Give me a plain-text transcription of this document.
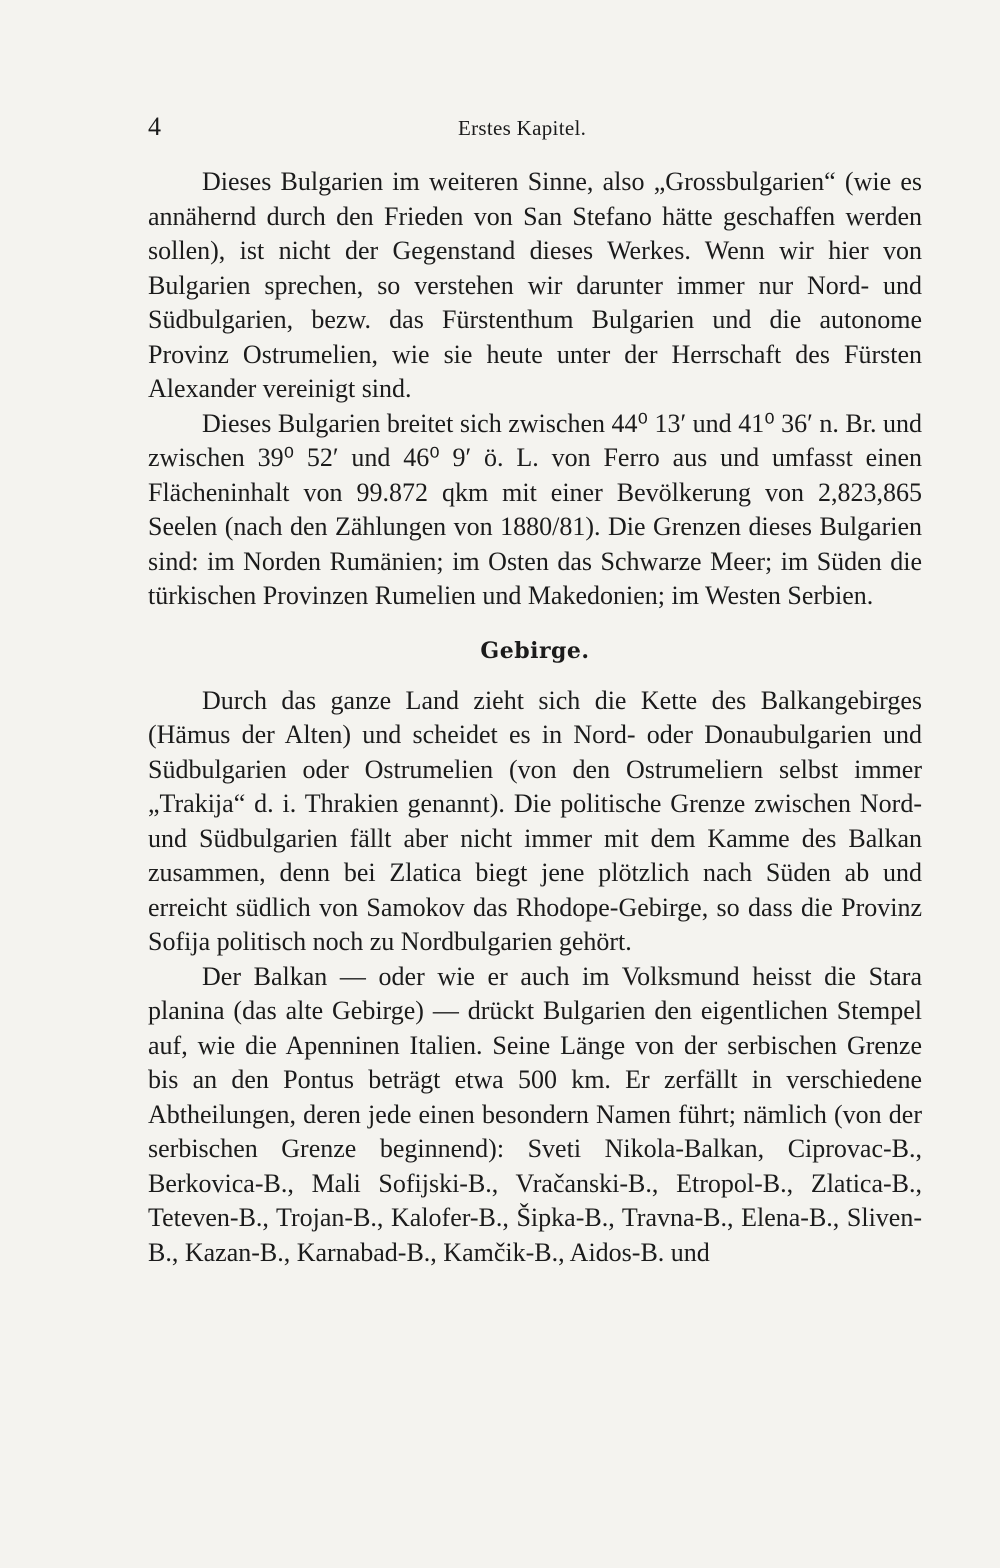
4	Erstes Kapitel.

Dieses Bulgarien im weiteren Sinne, also „Grossbulgarien“ (wie es annähernd durch den Frieden von San Stefano hätte geschaffen werden sollen), ist nicht der Gegenstand dieses Werkes. Wenn wir hier von Bulgarien sprechen, so verstehen wir darunter immer nur Nord- und Südbulgarien, bezw. das Fürstenthum Bulgarien und die autonome Provinz Ostrumelien, wie sie heute unter der Herrschaft des Fürsten Alexander vereinigt sind.

Dieses Bulgarien breitet sich zwischen 44⁰ 13′ und 41⁰ 36′ n. Br. und zwischen 39⁰ 52′ und 46⁰ 9′ ö. L. von Ferro aus und umfasst einen Flächeninhalt von 99.872 qkm mit einer Bevölkerung von 2,823,865 Seelen (nach den Zählungen von 1880/81). Die Grenzen dieses Bulgarien sind: im Norden Rumänien; im Osten das Schwarze Meer; im Süden die türkischen Provinzen Rumelien und Makedonien; im Westen Serbien.

Gebirge.

Durch das ganze Land zieht sich die Kette des Balkangebirges (Hämus der Alten) und scheidet es in Nord- oder Donaubulgarien und Südbulgarien oder Ostrumelien (von den Ostrumeliern selbst immer „Trakija“ d. i. Thrakien genannt). Die politische Grenze zwischen Nord- und Südbulgarien fällt aber nicht immer mit dem Kamme des Balkan zusammen, denn bei Zlatica biegt jene plötzlich nach Süden ab und erreicht südlich von Samokov das Rhodope-Gebirge, so dass die Provinz Sofija politisch noch zu Nordbulgarien gehört.

Der Balkan — oder wie er auch im Volksmund heisst die Stara planina (das alte Gebirge) — drückt Bulgarien den eigentlichen Stempel auf, wie die Apenninen Italien. Seine Länge von der serbischen Grenze bis an den Pontus beträgt etwa 500 km. Er zerfällt in verschiedene Abtheilungen, deren jede einen besondern Namen führt; nämlich (von der serbischen Grenze beginnend): Sveti Nikola-Balkan, Ciprovac-B., Berkovica-B., Mali Sofijski-B., Vračanski-B., Etropol-B., Zlatica-B., Teteven-B., Trojan-B., Kalofer-B., Šipka-B., Travna-B., Elena-B., Sliven-B., Kazan-B., Karnabad-B., Kamčik-B., Aidos-B. und
